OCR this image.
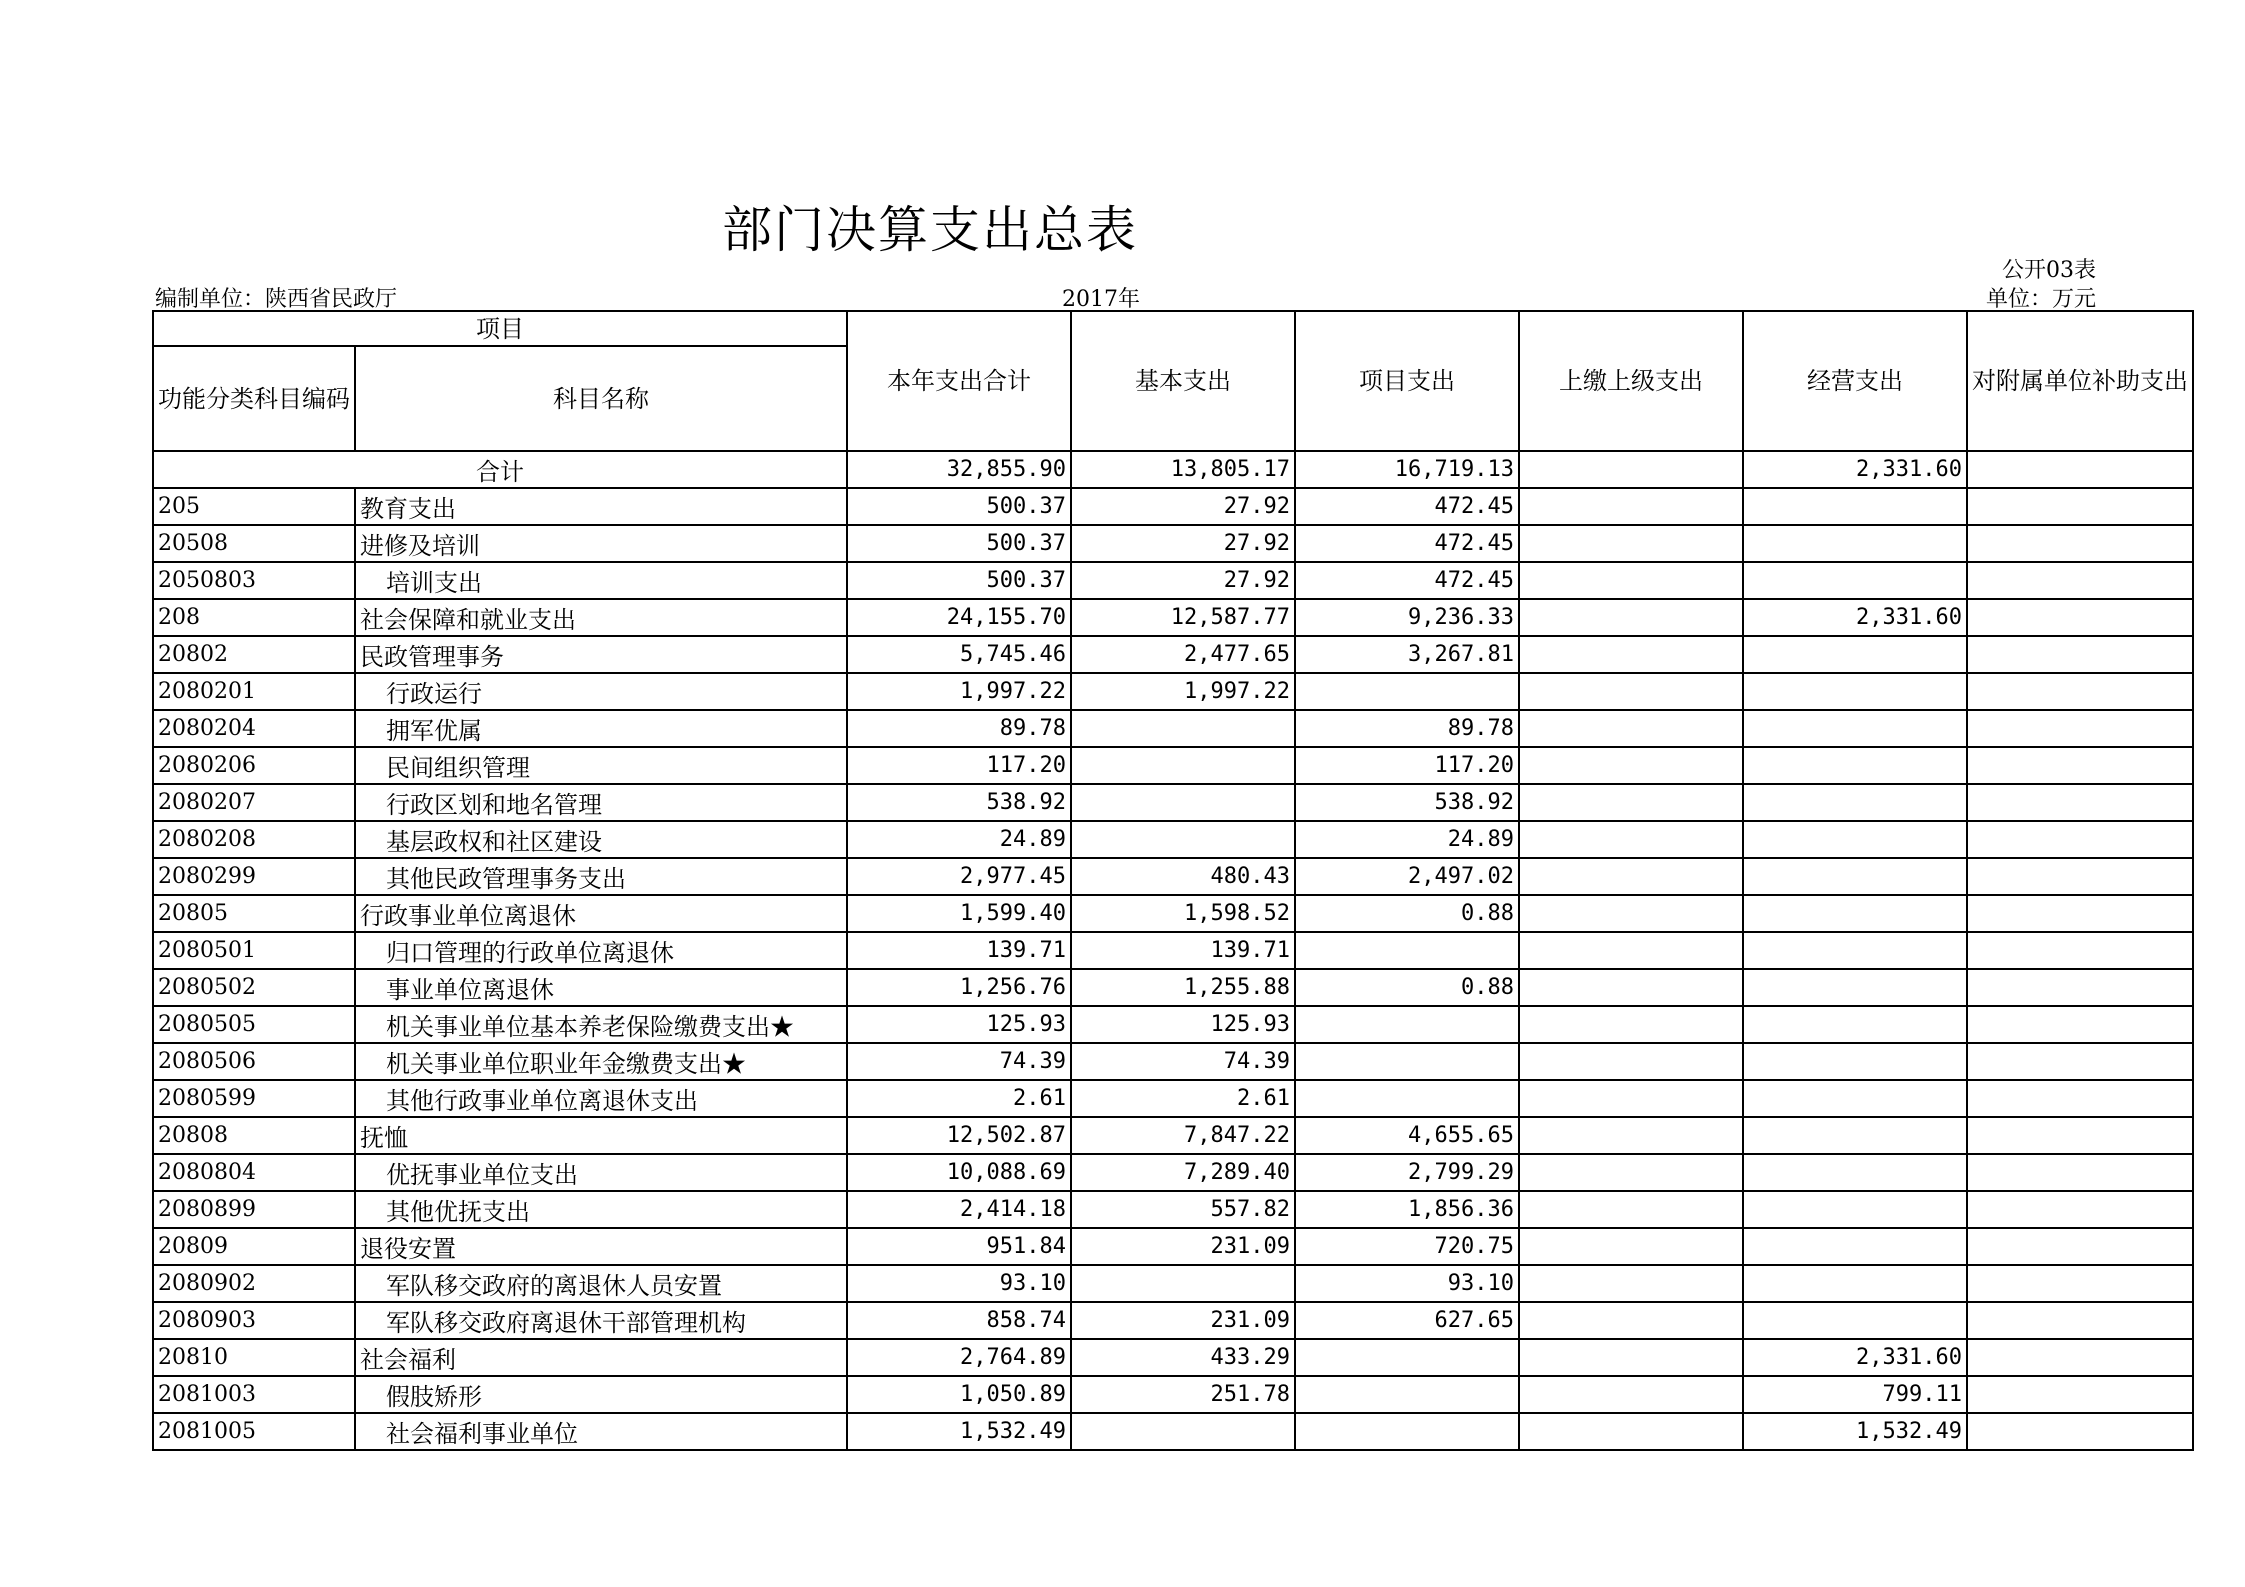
部门决算支出总表
公开03表
编制单位：陕西省民政厅	2017年	单位：万元
项目		本年支出合计	基本支出	项目支出	上缴上级支出	经营支出	对附属单位补助支出
功能分类科目编码	科目名称						
合计		32,855.90	13,805.17	16,719.13		2,331.60	
205	教育支出	500.37	27.92	472.45			
20508	进修及培训	500.37	27.92	472.45			
2050803	培训支出	500.37	27.92	472.45			
208	社会保障和就业支出	24,155.70	12,587.77	9,236.33		2,331.60	
20802	民政管理事务	5,745.46	2,477.65	3,267.81			
2080201	行政运行	1,997.22	1,997.22				
2080204	拥军优属	89.78		89.78			
2080206	民间组织管理	117.20		117.20			
2080207	行政区划和地名管理	538.92		538.92			
2080208	基层政权和社区建设	24.89		24.89			
2080299	其他民政管理事务支出	2,977.45	480.43	2,497.02			
20805	行政事业单位离退休	1,599.40	1,598.52	0.88			
2080501	归口管理的行政单位离退休	139.71	139.71				
2080502	事业单位离退休	1,256.76	1,255.88	0.88			
2080505	机关事业单位基本养老保险缴费支出★	125.93	125.93				
2080506	机关事业单位职业年金缴费支出★	74.39	74.39				
2080599	其他行政事业单位离退休支出	2.61	2.61				
20808	抚恤	12,502.87	7,847.22	4,655.65			
2080804	优抚事业单位支出	10,088.69	7,289.40	2,799.29			
2080899	其他优抚支出	2,414.18	557.82	1,856.36			
20809	退役安置	951.84	231.09	720.75			
2080902	军队移交政府的离退休人员安置	93.10		93.10			
2080903	军队移交政府离退休干部管理机构	858.74	231.09	627.65			
20810	社会福利	2,764.89	433.29			2,331.60	
2081003	假肢矫形	1,050.89	251.78			799.11	
2081005	社会福利事业单位	1,532.49				1,532.49	
